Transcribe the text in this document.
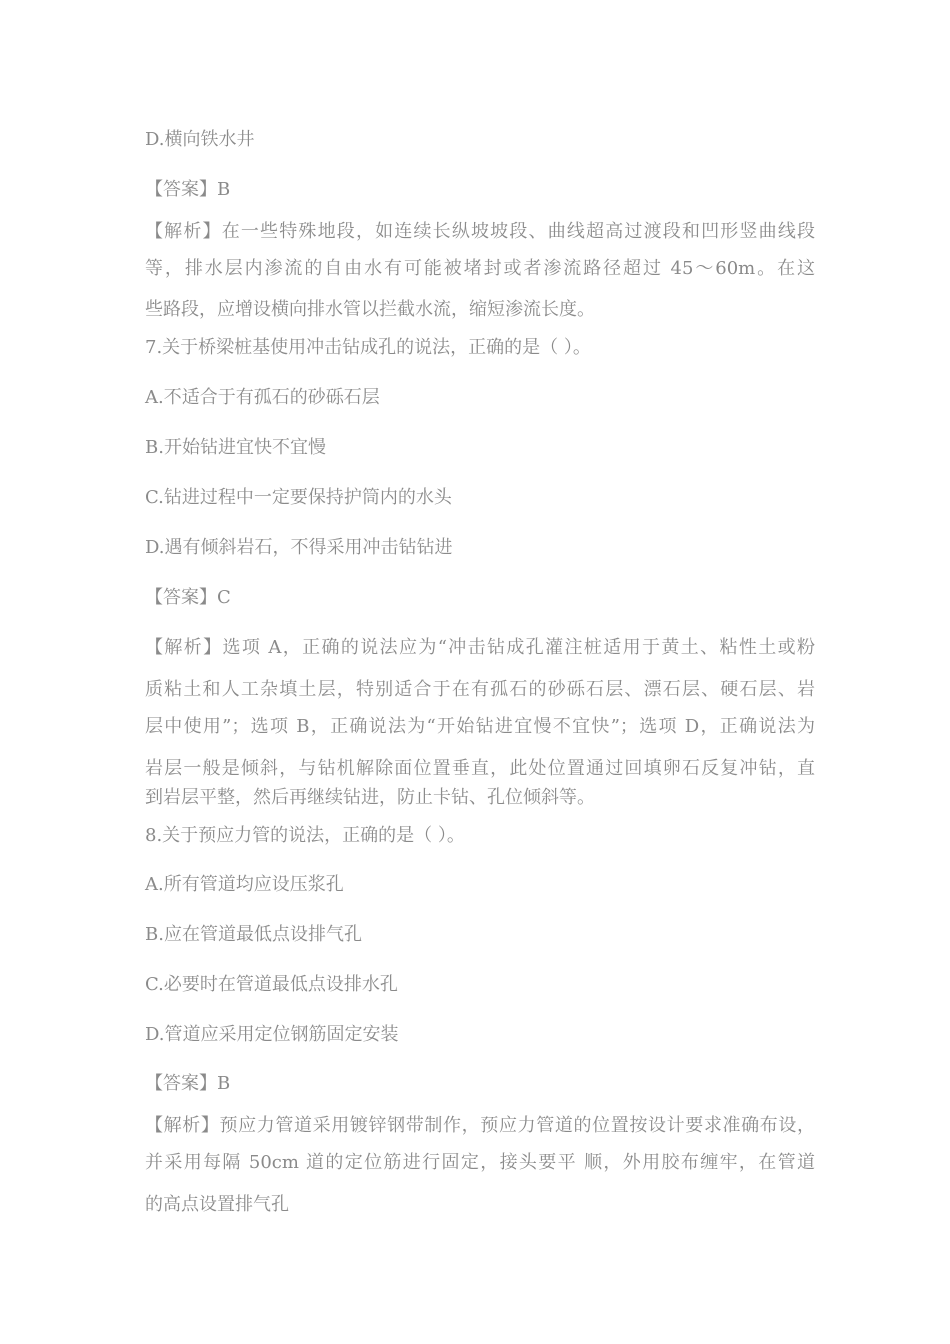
D.横向铁水井
【答案】B
【解析】在一些特殊地段，如连续长纵坡坡段、曲线超高过渡段和凹形竖曲线段
等，排水层内渗流的自由水有可能被堵封或者渗流路径超过 45～60m。在这
些路段，应增设横向排水管以拦截水流，缩短渗流长度。
7.关于桥梁桩基使用冲击钻成孔的说法，正确的是（ ）。
A.不适合于有孤石的砂砾石层
B.开始钻进宜快不宜慢
C.钻进过程中一定要保持护筒内的水头
D.遇有倾斜岩石，不得采用冲击钻钻进
【答案】C
【解析】选项 A，正确的说法应为“冲击钻成孔灌注桩适用于黄土、粘性土或粉
质粘土和人工杂填土层，特别适合于在有孤石的砂砾石层、漂石层、硬石层、岩
层中使用”；选项 B，正确说法为“开始钻进宜慢不宜快”；选项 D，正确说法为
岩层一般是倾斜，与钻机解除面位置垂直，此处位置通过回填卵石反复冲钻，直
到岩层平整，然后再继续钻进，防止卡钻、孔位倾斜等。
8.关于预应力管的说法，正确的是（ ）。
A.所有管道均应设压浆孔
B.应在管道最低点设排气孔
C.必要时在管道最低点设排水孔
D.管道应采用定位钢筋固定安装
【答案】B
【解析】预应力管道采用镀锌钢带制作，预应力管道的位置按设计要求准确布设，
并采用每隔 50cm 道的定位筋进行固定，接头要平 顺，外用胶布缠牢，在管道
的高点设置排气孔
